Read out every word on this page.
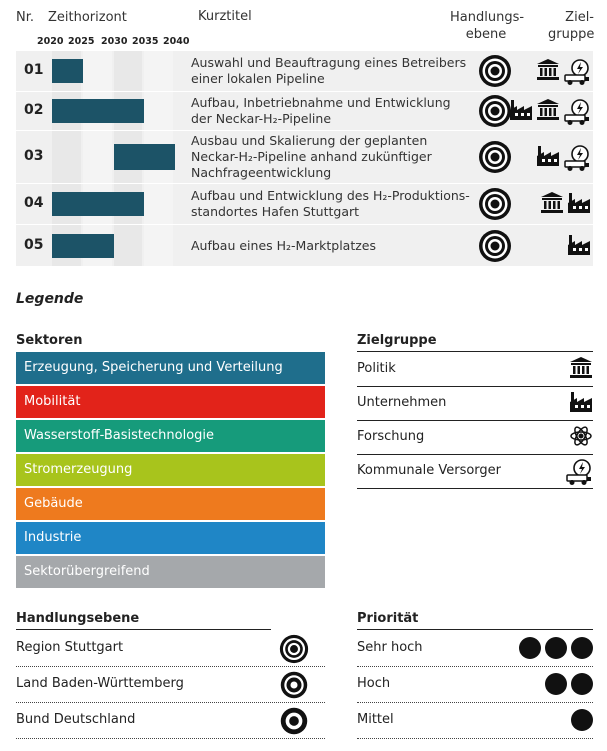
Nr. Zeithorizont	Kurztitel	Handlungs-
ebene
Ziel-
gruppe
2020 2025 2030 2035 2040
01	Auswahl und Beauftragung eines Betreibers
einer lokalen Pipeline
02	Aufbau, Inbetriebnahme und Entwicklung
der Neckar-H₂-Pipeline
03
Ausbau und Skalierung der geplanten
Neckar-H₂-Pipeline anhand zukünftiger
Nachfrageentwicklung
04	Aufbau und Entwicklung des H₂-Produktions-
standortes Hafen Stuttgart
05	Aufbau eines H₂-Marktplatzes
Legende
Sektoren
Erzeugung, Speicherung und Verteilung
Mobilität
Wasserstoff-Basistechnologie
Stromerzeugung
Gebäude
Industrie
Sektorübergreifend
Zielgruppe
Politik
Unternehmen
Forschung
Kommunale Versorger
Handlungsebene
Region Stuttgart
Land Baden-Württemberg
Bund Deutschland
Priorität
Sehr hoch
Hoch
Mittel
